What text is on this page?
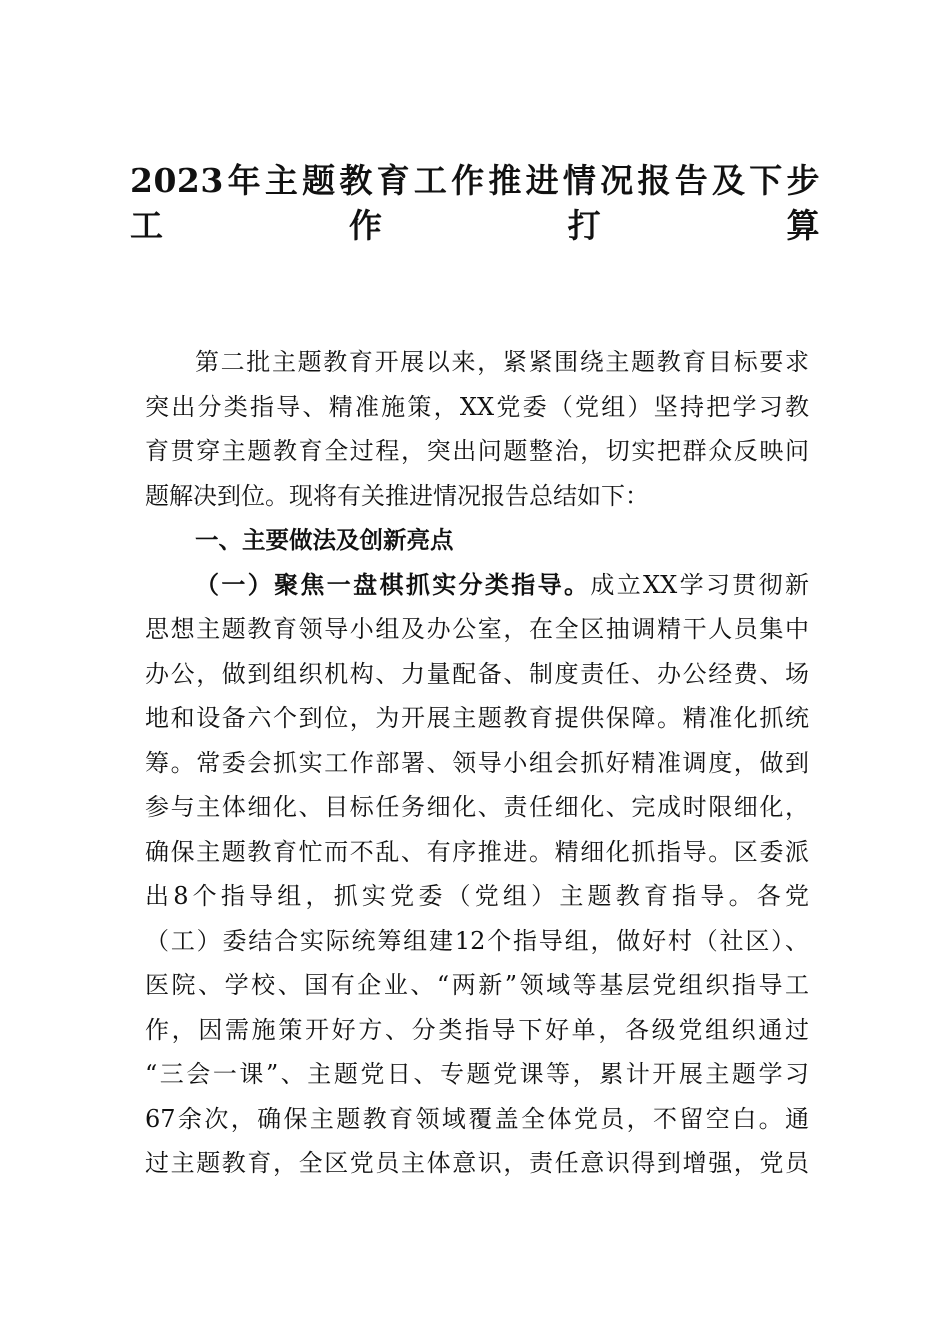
2023年主题教育工作推进情况报告及下步
工作打算
第二批主题教育开展以来，紧紧围绕主题教育目标要求
突出分类指导、精准施策，XX党委（党组）坚持把学习教
育贯穿主题教育全过程，突出问题整治，切实把群众反映问
题解决到位。现将有关推进情况报告总结如下：
一、主要做法及创新亮点
（一）聚焦一盘棋抓实分类指导。成立XX学习贯彻新
思想主题教育领导小组及办公室，在全区抽调精干人员集中
办公，做到组织机构、力量配备、制度责任、办公经费、场
地和设备六个到位，为开展主题教育提供保障。精准化抓统
筹。常委会抓实工作部署、领导小组会抓好精准调度，做到
参与主体细化、目标任务细化、责任细化、完成时限细化，
确保主题教育忙而不乱、有序推进。精细化抓指导。区委派
出8个指导组，抓实党委（党组）主题教育指导。各党
（工）委结合实际统筹组建12个指导组，做好村（社区）、
医院、学校、国有企业、“两新”领域等基层党组织指导工
作，因需施策开好方、分类指导下好单，各级党组织通过
“三会一课”、主题党日、专题党课等，累计开展主题学习
67余次，确保主题教育领域覆盖全体党员，不留空白。通
过主题教育，全区党员主体意识，责任意识得到增强，党员
